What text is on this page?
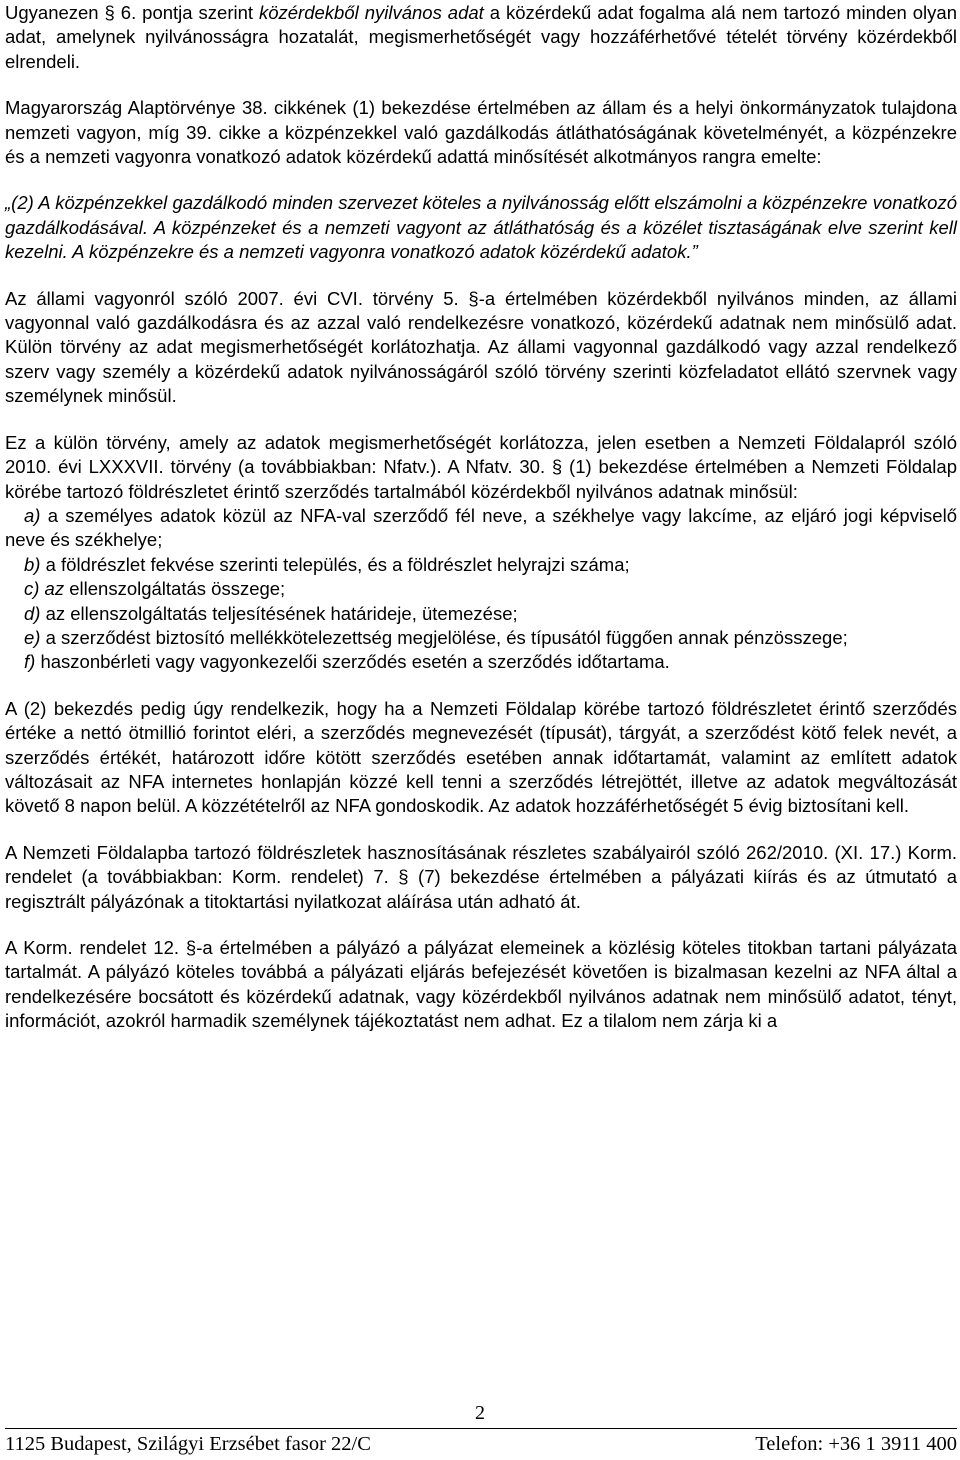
Ugyanezen § 6. pontja szerint közérdekből nyilvános adat a közérdekű adat fogalma alá nem tartozó minden olyan adat, amelynek nyilvánosságra hozatalát, megismerhetőségét vagy hozzáférhetővé tételét törvény közérdekből elrendeli.

Magyarország Alaptörvénye 38. cikkének (1) bekezdése értelmében az állam és a helyi önkormányzatok tulajdona nemzeti vagyon, míg 39. cikke a közpénzekkel való gazdálkodás átláthatóságának követelményét, a közpénzekre és a nemzeti vagyonra vonatkozó adatok közérdekű adattá minősítését alkotmányos rangra emelte:

„(2) A közpénzekkel gazdálkodó minden szervezet köteles a nyilvánosság előtt elszámolni a közpénzekre vonatkozó gazdálkodásával. A közpénzeket és a nemzeti vagyont az átláthatóság és a közélet tisztaságának elve szerint kell kezelni. A közpénzekre és a nemzeti vagyonra vonatkozó adatok közérdekű adatok.”

Az állami vagyonról szóló 2007. évi CVI. törvény 5. §-a értelmében közérdekből nyilvános minden, az állami vagyonnal való gazdálkodásra és az azzal való rendelkezésre vonatkozó, közérdekű adatnak nem minősülő adat. Külön törvény az adat megismerhetőségét korlátozhatja. Az állami vagyonnal gazdálkodó vagy azzal rendelkező szerv vagy személy a közérdekű adatok nyilvánosságáról szóló törvény szerinti közfeladatot ellátó szervnek vagy személynek minősül.

Ez a külön törvény, amely az adatok megismerhetőségét korlátozza, jelen esetben a Nemzeti Földalapról szóló 2010. évi LXXXVII. törvény (a továbbiakban: Nfatv.). A Nfatv. 30. § (1) bekezdése értelmében a Nemzeti Földalap körébe tartozó földrészletet érintő szerződés tartalmából közérdekből nyilvános adatnak minősül:

a) a személyes adatok közül az NFA-val szerződő fél neve, a székhelye vagy lakcíme, az eljáró jogi képviselő neve és székhelye;

b) a földrészlet fekvése szerinti település, és a földrészlet helyrajzi száma;

c) az ellenszolgáltatás összege;

d) az ellenszolgáltatás teljesítésének határideje, ütemezése;

e) a szerződést biztosító mellékkötelezettség megjelölése, és típusától függően annak pénzösszege;

f) haszonbérleti vagy vagyonkezelői szerződés esetén a szerződés időtartama.

A (2) bekezdés pedig úgy rendelkezik, hogy ha a Nemzeti Földalap körébe tartozó földrészletet érintő szerződés értéke a nettó ötmillió forintot eléri, a szerződés megnevezését (típusát), tárgyát, a szerződést kötő felek nevét, a szerződés értékét, határozott időre kötött szerződés esetében annak időtartamát, valamint az említett adatok változásait az NFA internetes honlapján közzé kell tenni a szerződés létrejöttét, illetve az adatok megváltozását követő 8 napon belül. A közzétételről az NFA gondoskodik. Az adatok hozzáférhetőségét 5 évig biztosítani kell.

A Nemzeti Földalapba tartozó földrészletek hasznosításának részletes szabályairól szóló 262/2010. (XI. 17.) Korm. rendelet (a továbbiakban: Korm. rendelet) 7. § (7) bekezdése értelmében a pályázati kiírás és az útmutató a regisztrált pályázónak a titoktartási nyilatkozat aláírása után adható át.

A Korm. rendelet 12. §-a értelmében a pályázó a pályázat elemeinek a közlésig köteles titokban tartani pályázata tartalmát. A pályázó köteles továbbá a pályázati eljárás befejezését követően is bizalmasan kezelni az NFA által a rendelkezésére bocsátott és közérdekű adatnak, vagy közérdekből nyilvános adatnak nem minősülő adatot, tényt, információt, azokról harmadik személynek tájékoztatást nem adhat. Ez a tilalom nem zárja ki a

2
1125 Budapest, Szilágyi Erzsébet fasor 22/C	Telefon: +36 1 3911 400
